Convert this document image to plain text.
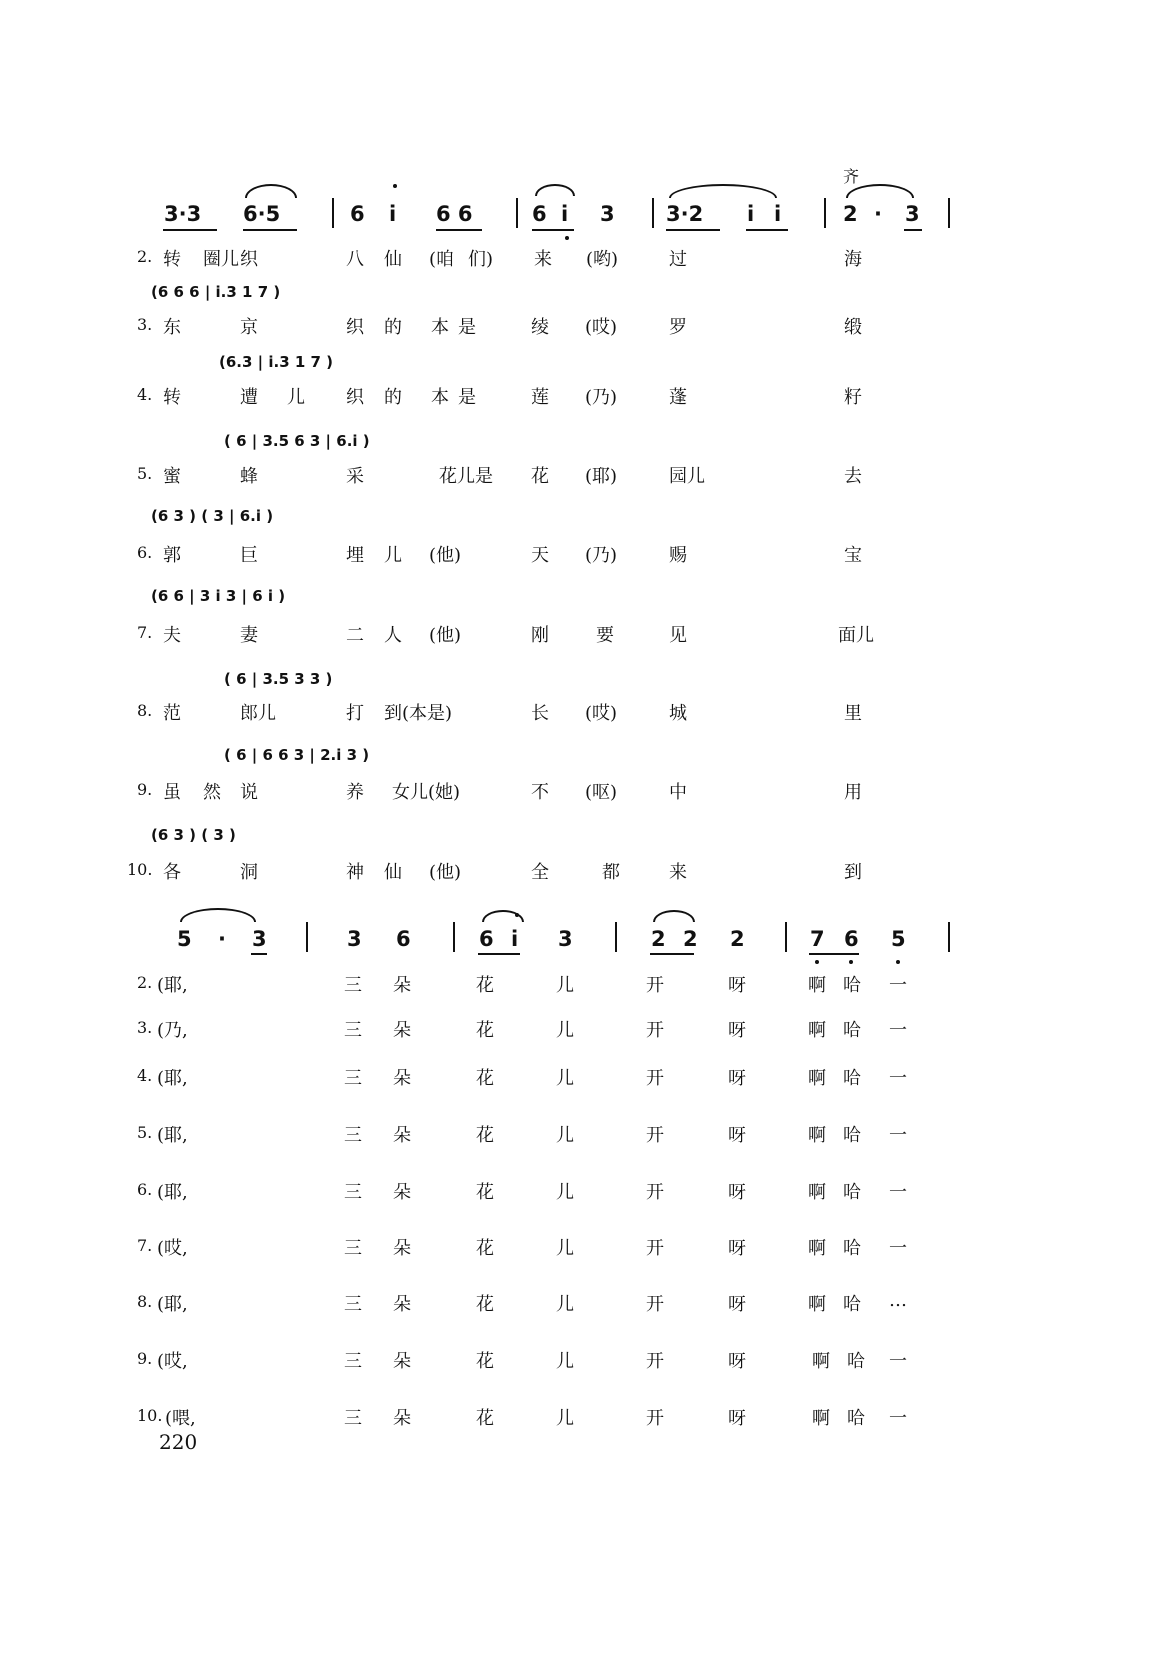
齐
3·3 6·5	6 i 6 6	6 i 3 3·2 i i	2 · 3
2. 转 圈儿 织	八 仙 (咱 们) 来 (哟)	过	海
(6 6 6 | i.3 1 7 )
3. 东	京	织 的 本 是	绫 (哎)	罗	缎
(6.3 | i.3 1 7 )
4. 转	遭 儿 织 的 本 是	莲 (乃)	蓬	籽
( 6 | 3.5 6 3 | 6.i )
5. 蜜	蜂	采	花儿是 花 (耶)	园儿	去
(6 3 ) ( 3 | 6.i )
6. 郭	巨	埋 儿 (他)	天 (乃)	赐	宝
(6 6 | 3 i 3 | 6 i )
7. 夫	妻	二 人 (他)	刚	要	见	面儿
( 6 | 3.5 3 3 )
8. 范	郎儿	打 到(本是)	长 (哎)	城	里
( 6 | 6 6 3 | 2.i 3 )
9. 虽 然 说	养 女儿(她)	不 (呕)	中	用
(6 3 ) ( 3 )
10. 各	洞	神 仙 (他)	全	都	来	到
5 · 3	3 6	6 i 3	2 2 2	7 6 5
2. (耶,	三 朵	花	儿	开	呀	啊 哈 一
3. (乃,	三 朵	花	儿	开	呀	啊 哈 一
4. (耶,	三 朵	花	儿	开	呀	啊 哈 一
5. (耶,	三 朵	花	儿	开	呀	啊 哈 一
6. (耶,	三 朵	花	儿	开	呀	啊 哈 一
7. (哎,	三 朵	花	儿	开	呀	啊 哈 一
8. (耶,	三 朵	花	儿	开	呀	啊 哈 …
9. (哎,	三 朵	花	儿	开	呀	啊 哈 一
10. (喂,	三 朵	花	儿	开	呀	啊 哈 一
220
